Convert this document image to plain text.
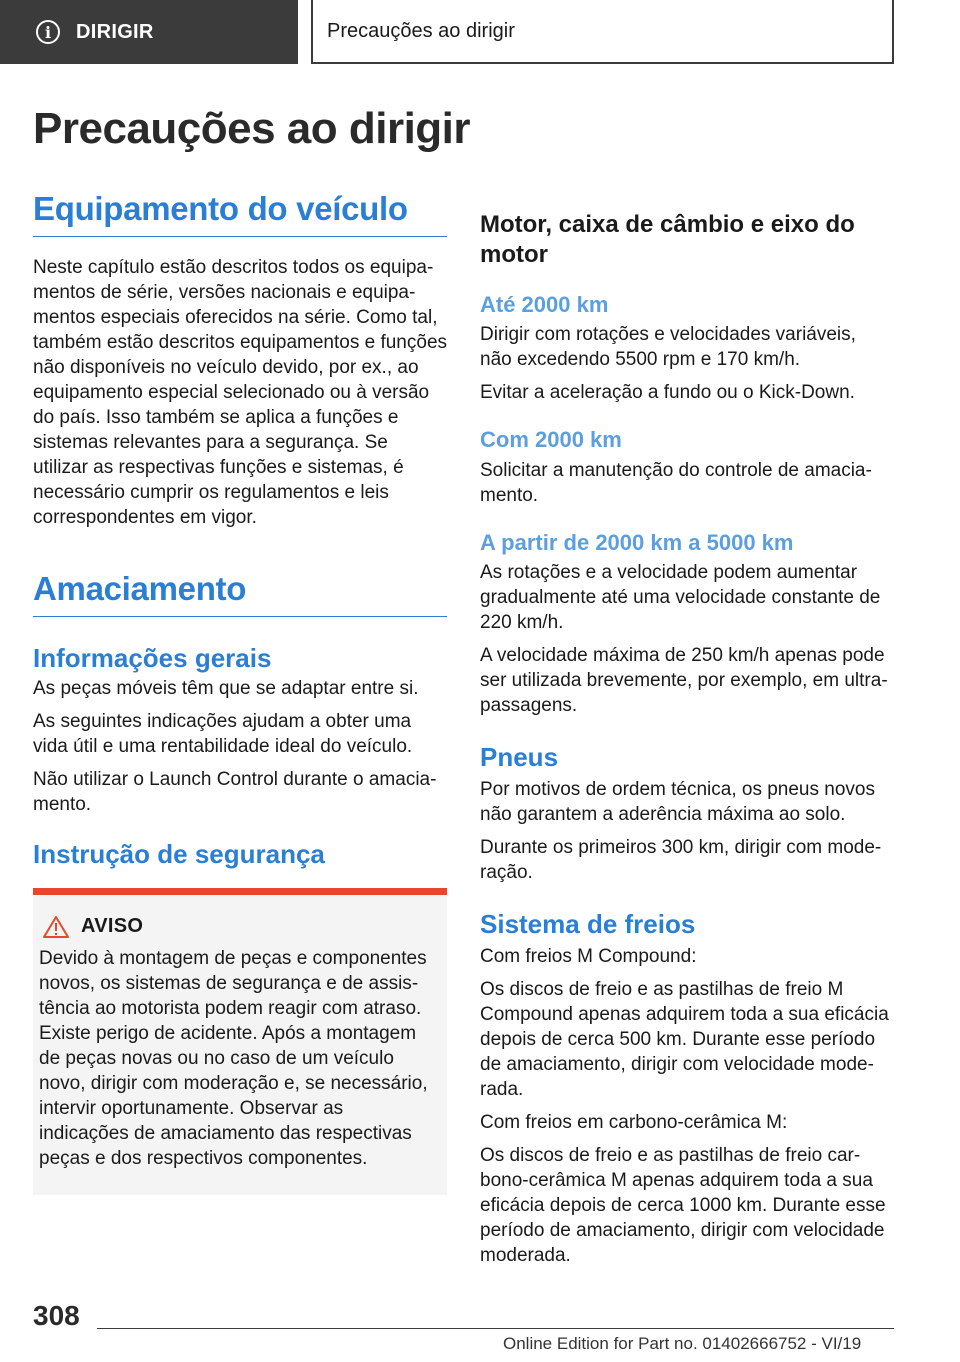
i	DIRIGIR	Precauções ao dirigir
Precauções ao dirigir
Equipamento do veículo

Neste capítulo estão descritos todos os equipamentos de série, versões nacionais e equipamentos especiais oferecidos na série. Como tal, também estão descritos equipamentos e funções não disponíveis no veículo devido, por ex., ao equipamento especial selecionado ou à versão do país. Isso também se aplica a funções e sistemas relevantes para a segurança. Se utilizar as respectivas funções e sistemas, é necessário cumprir os regulamentos e leis correspondentes em vigor.

Amaciamento
Informações gerais

As peças móveis têm que se adaptar entre si.

As seguintes indicações ajudam a obter uma vida útil e uma rentabilidade ideal do veículo.

Não utilizar o Launch Control durante o amaciamento.

Instrução de segurança
AVISO

Devido à montagem de peças e componentes novos, os sistemas de segurança e de assistência ao motorista podem reagir com atraso. Existe perigo de acidente. Após a montagem de peças novas ou no caso de um veículo novo, dirigir com moderação e, se necessário, intervir oportunamente. Observar as indicações de amaciamento das respectivas peças e dos respectivos componentes.

Motor, caixa de câmbio e eixo do motor
Até 2000 km

Dirigir com rotações e velocidades variáveis, não excedendo 5500 rpm e 170 km/h.

Evitar a aceleração a fundo ou o Kick-Down.

Com 2000 km

Solicitar a manutenção do controle de amaciamento.

A partir de 2000 km a 5000 km

As rotações e a velocidade podem aumentar gradualmente até uma velocidade constante de 220 km/h.

A velocidade máxima de 250 km/h apenas pode ser utilizada brevemente, por exemplo, em ultrapassagens.

Pneus

Por motivos de ordem técnica, os pneus novos não garantem a aderência máxima ao solo.

Durante os primeiros 300 km, dirigir com moderação.

Sistema de freios

Com freios M Compound:

Os discos de freio e as pastilhas de freio M Compound apenas adquirem toda a sua eficácia depois de cerca 500 km. Durante esse período de amaciamento, dirigir com velocidade moderada.

Com freios em carbono-cerâmica M:

Os discos de freio e as pastilhas de freio carbono-cerâmica M apenas adquirem toda a sua eficácia depois de cerca 1000 km. Durante esse período de amaciamento, dirigir com velocidade moderada.

308
Online Edition for Part no. 01402666752 - VI/19
